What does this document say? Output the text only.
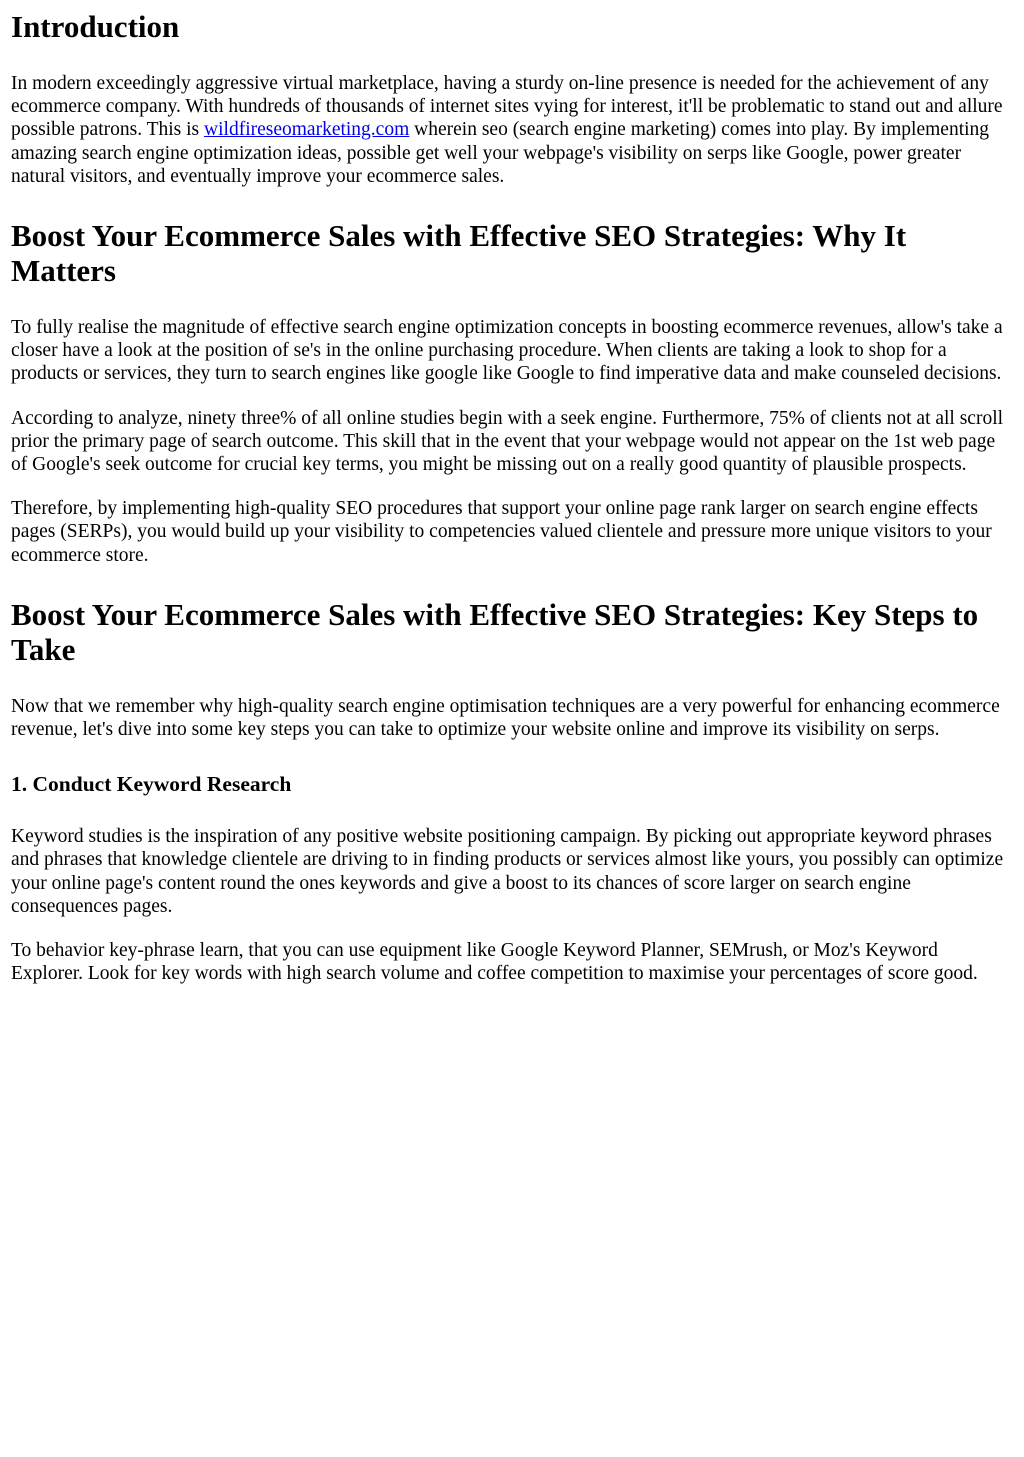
Introduction

In modern exceedingly aggressive virtual marketplace, having a sturdy on-line presence is needed for the achievement of any ecommerce company. With hundreds of thousands of internet sites vying for interest, it'll be problematic to stand out and allure possible patrons. This is wildfireseomarketing.com wherein seo (search engine marketing) comes into play. By implementing amazing search engine optimization ideas, possible get well your webpage's visibility on serps like Google, power greater natural visitors, and eventually improve your ecommerce sales.

Boost Your Ecommerce Sales with Effective SEO Strategies: Why It Matters

To fully realise the magnitude of effective search engine optimization concepts in boosting ecommerce revenues, allow's take a closer have a look at the position of se's in the online purchasing procedure. When clients are taking a look to shop for a products or services, they turn to search engines like google like Google to find imperative data and make counseled decisions.

According to analyze, ninety three% of all online studies begin with a seek engine. Furthermore, 75% of clients not at all scroll prior the primary page of search outcome. This skill that in the event that your webpage would not appear on the 1st web page of Google's seek outcome for crucial key terms, you might be missing out on a really good quantity of plausible prospects.

Therefore, by implementing high-quality SEO procedures that support your online page rank larger on search engine effects pages (SERPs), you would build up your visibility to competencies valued clientele and pressure more unique visitors to your ecommerce store.

Boost Your Ecommerce Sales with Effective SEO Strategies: Key Steps to Take

Now that we remember why high-quality search engine optimisation techniques are a very powerful for enhancing ecommerce revenue, let's dive into some key steps you can take to optimize your website online and improve its visibility on serps.

1. Conduct Keyword Research

Keyword studies is the inspiration of any positive website positioning campaign. By picking out appropriate keyword phrases and phrases that knowledge clientele are driving to in finding products or services almost like yours, you possibly can optimize your online page's content round the ones keywords and give a boost to its chances of score larger on search engine consequences pages.

To behavior key-phrase learn, that you can use equipment like Google Keyword Planner, SEMrush, or Moz's Keyword Explorer. Look for key words with high search volume and coffee competition to maximise your percentages of score good.
